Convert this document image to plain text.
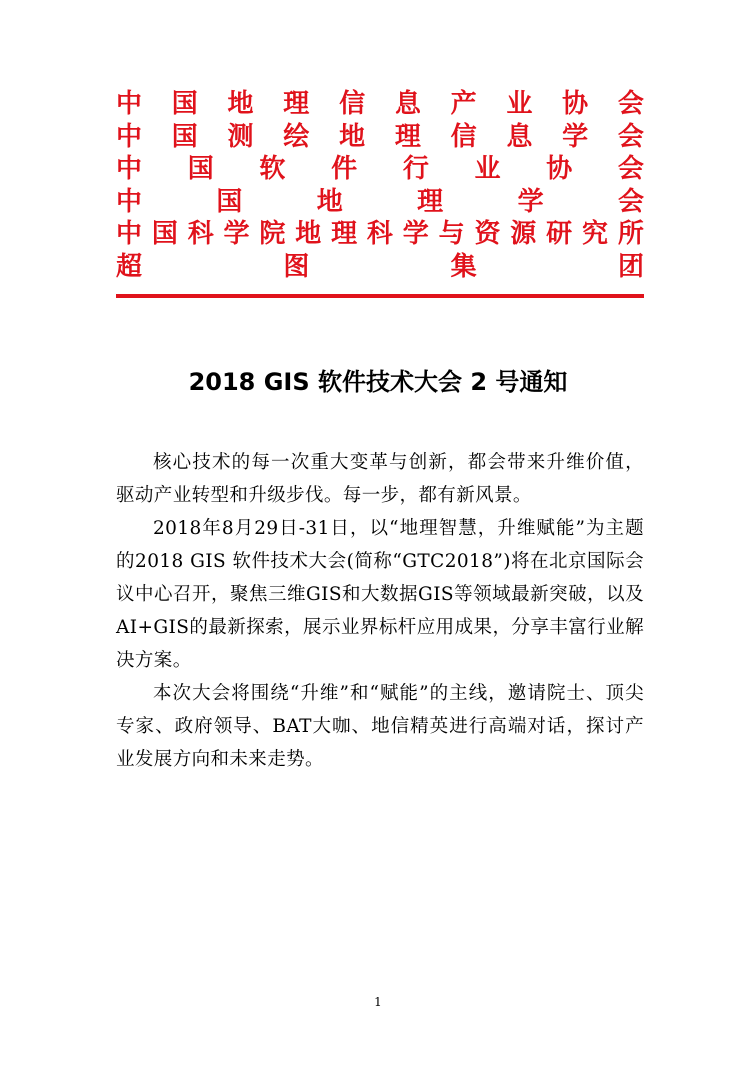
中 国 地 理 信 息 产 业 协 会
中 国 测 绘 地 理 信 息 学 会
中 国 软 件 行 业 协 会
中	国	地	理	学	会
中 国 科 学 院 地 理 科 学 与 资 源 研 究 所
超	图	集	团
2018 GIS 软件技术大会 2 号通知

核心技术的每一次重大变革与创新，都会带来升维价值，驱动产业转型和升级步伐。每一步，都有新风景。

2018年8月29日-31日，以“地理智慧，升维赋能”为主题的2018 GIS 软件技术大会(简称“GTC2018”)将在北京国际会议中心召开，聚焦三维GIS和大数据GIS等领域最新突破，以及AI+GIS的最新探索，展示业界标杆应用成果，分享丰富行业解决方案。

本次大会将围绕“升维”和“赋能”的主线，邀请院士、顶尖专家、政府领导、BAT大咖、地信精英进行高端对话，探讨产业发展方向和未来走势。

1
